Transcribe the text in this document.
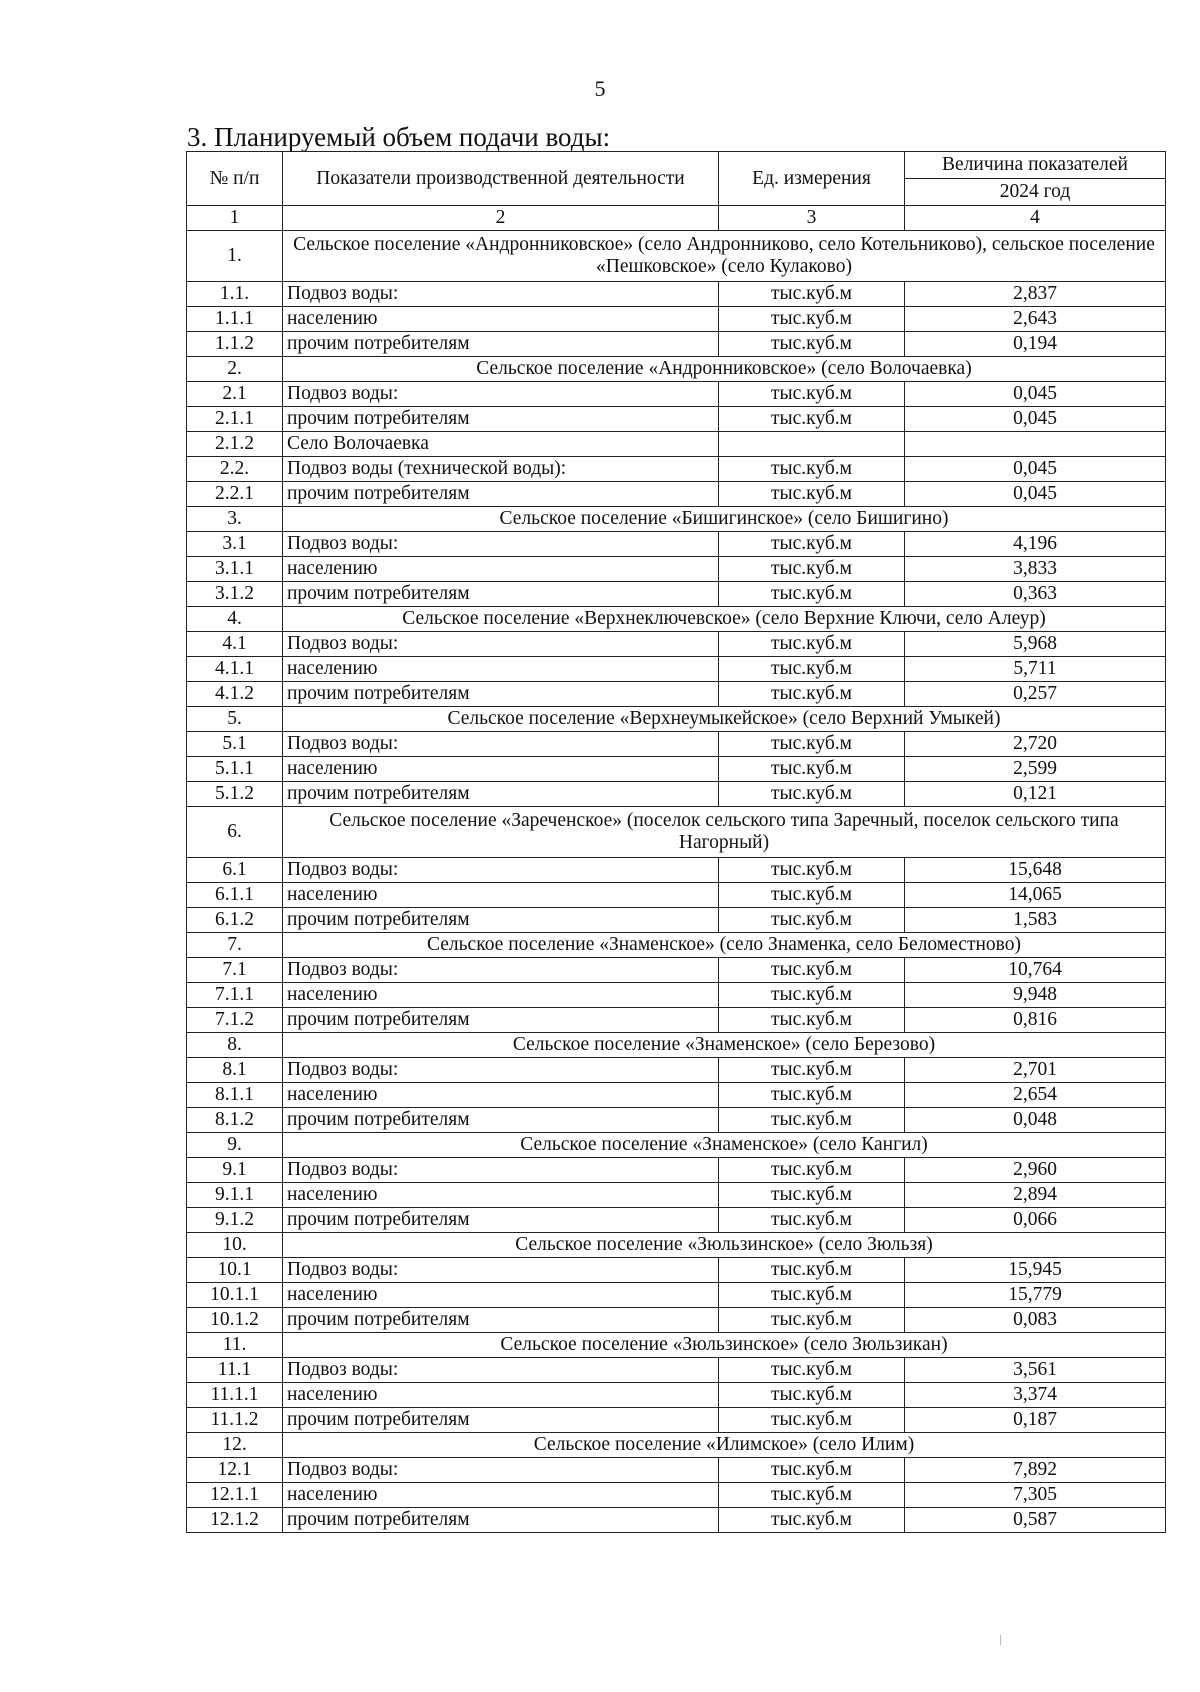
5
3. Планируемый объем подачи воды:
№ п/п	Показатели производственной деятельности	Ед. измерения	Величина показателей
			2024 год
1	2	3	4
1.	Сельское поселение «Андронниковское» (село Андронниково, село Котельниково), сельское поселение «Пешковское» (село Кулаково)		
1.1.	Подвоз воды:	тыс.куб.м	2,837
1.1.1	населению	тыс.куб.м	2,643
1.1.2	прочим потребителям	тыс.куб.м	0,194
2.	Сельское поселение «Андронниковское» (село Волочаевка)		
2.1	Подвоз воды:	тыс.куб.м	0,045
2.1.1	прочим потребителям	тыс.куб.м	0,045
2.1.2	Село Волочаевка		
2.2.	Подвоз воды (технической воды):	тыс.куб.м	0,045
2.2.1	прочим потребителям	тыс.куб.м	0,045
3.	Сельское поселение «Бишигинское» (село Бишигино)		
3.1	Подвоз воды:	тыс.куб.м	4,196
3.1.1	населению	тыс.куб.м	3,833
3.1.2	прочим потребителям	тыс.куб.м	0,363
4.	Сельское поселение «Верхнеключевское» (село Верхние Ключи, село Алеур)		
4.1	Подвоз воды:	тыс.куб.м	5,968
4.1.1	населению	тыс.куб.м	5,711
4.1.2	прочим потребителям	тыс.куб.м	0,257
5.	Сельское поселение «Верхнеумыкейское» (село Верхний Умыкей)		
5.1	Подвоз воды:	тыс.куб.м	2,720
5.1.1	населению	тыс.куб.м	2,599
5.1.2	прочим потребителям	тыс.куб.м	0,121
6.	Сельское поселение «Зареченское» (поселок сельского типа Заречный, поселок сельского типа Нагорный)		
6.1	Подвоз воды:	тыс.куб.м	15,648
6.1.1	населению	тыс.куб.м	14,065
6.1.2	прочим потребителям	тыс.куб.м	1,583
7.	Сельское поселение «Знаменское» (село Знаменка, село Беломестново)		
7.1	Подвоз воды:	тыс.куб.м	10,764
7.1.1	населению	тыс.куб.м	9,948
7.1.2	прочим потребителям	тыс.куб.м	0,816
8.	Сельское поселение «Знаменское» (село Березово)		
8.1	Подвоз воды:	тыс.куб.м	2,701
8.1.1	населению	тыс.куб.м	2,654
8.1.2	прочим потребителям	тыс.куб.м	0,048
9.	Сельское поселение «Знаменское» (село Кангил)		
9.1	Подвоз воды:	тыс.куб.м	2,960
9.1.1	населению	тыс.куб.м	2,894
9.1.2	прочим потребителям	тыс.куб.м	0,066
10.	Сельское поселение «Зюльзинское» (село Зюльзя)		
10.1	Подвоз воды:	тыс.куб.м	15,945
10.1.1	населению	тыс.куб.м	15,779
10.1.2	прочим потребителям	тыс.куб.м	0,083
11.	Сельское поселение «Зюльзинское» (село Зюльзикан)		
11.1	Подвоз воды:	тыс.куб.м	3,561
11.1.1	населению	тыс.куб.м	3,374
11.1.2	прочим потребителям	тыс.куб.м	0,187
12.	Сельское поселение «Илимское» (село Илим)		
12.1	Подвоз воды:	тыс.куб.м	7,892
12.1.1	населению	тыс.куб.м	7,305
12.1.2	прочим потребителям	тыс.куб.м	0,587
